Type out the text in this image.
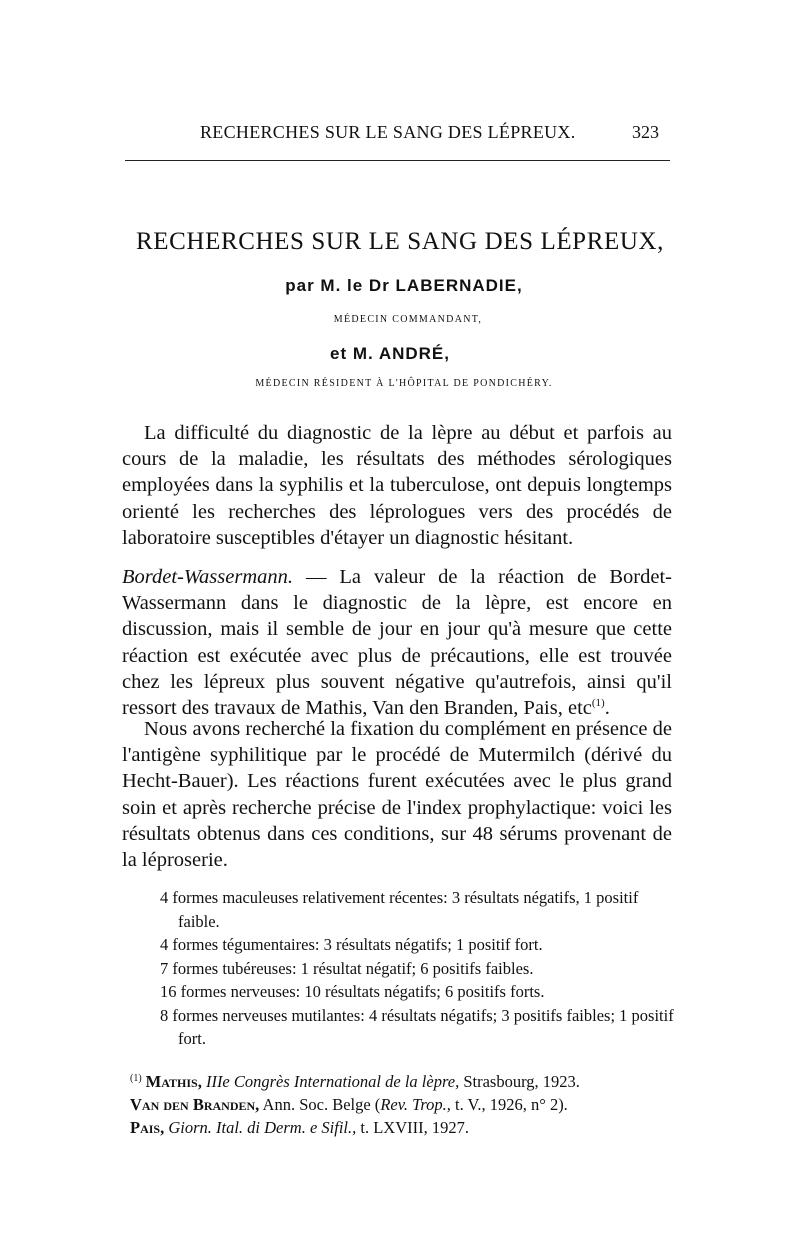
RECHERCHES SUR LE SANG DES LÉPREUX.	323
RECHERCHES SUR LE SANG DES LÉPREUX,
par M. le Dr LABERNADIE,
MÉDECIN COMMANDANT,
et M. ANDRÉ,
MÉDECIN RÉSIDENT À L'HÔPITAL DE PONDICHÉRY.

La difficulté du diagnostic de la lèpre au début et parfois au cours de la maladie, les résultats des méthodes sérologiques employées dans la syphilis et la tuberculose, ont depuis longtemps orienté les recherches des léprologues vers des procédés de laboratoire susceptibles d'étayer un diagnostic hésitant.

Bordet-Wassermann. — La valeur de la réaction de Bordet-Wassermann dans le diagnostic de la lèpre, est encore en discussion, mais il semble de jour en jour qu'à mesure que cette réaction est exécutée avec plus de précautions, elle est trouvée chez les lépreux plus souvent négative qu'autrefois, ainsi qu'il ressort des travaux de Mathis, Van den Branden, Pais, etc$^{(1)}$.

Nous avons recherché la fixation du complément en présence de l'antigène syphilitique par le procédé de Mutermilch (dérivé du Hecht-Bauer). Les réactions furent exécutées avec le plus grand soin et après recherche précise de l'index prophylactique: voici les résultats obtenus dans ces conditions, sur 48 sérums provenant de la léproserie.

4 formes maculeuses relativement récentes: 3 résultats négatifs, 1 positif faible.
4 formes tégumentaires: 3 résultats négatifs; 1 positif fort.
7 formes tubéreuses: 1 résultat négatif; 6 positifs faibles.
16 formes nerveuses: 10 résultats négatifs; 6 positifs forts.
8 formes nerveuses mutilantes: 4 résultats négatifs; 3 positifs faibles; 1 positif fort.
$^{(1)}$ Mathis, IIIe Congrès International de la lèpre, Strasbourg, 1923.
Van den Branden, Ann. Soc. Belge (Rev. Trop., t. V., 1926, n° 2).
Pais, Giorn. Ital. di Derm. e Sifil., t. LXVIII, 1927.
